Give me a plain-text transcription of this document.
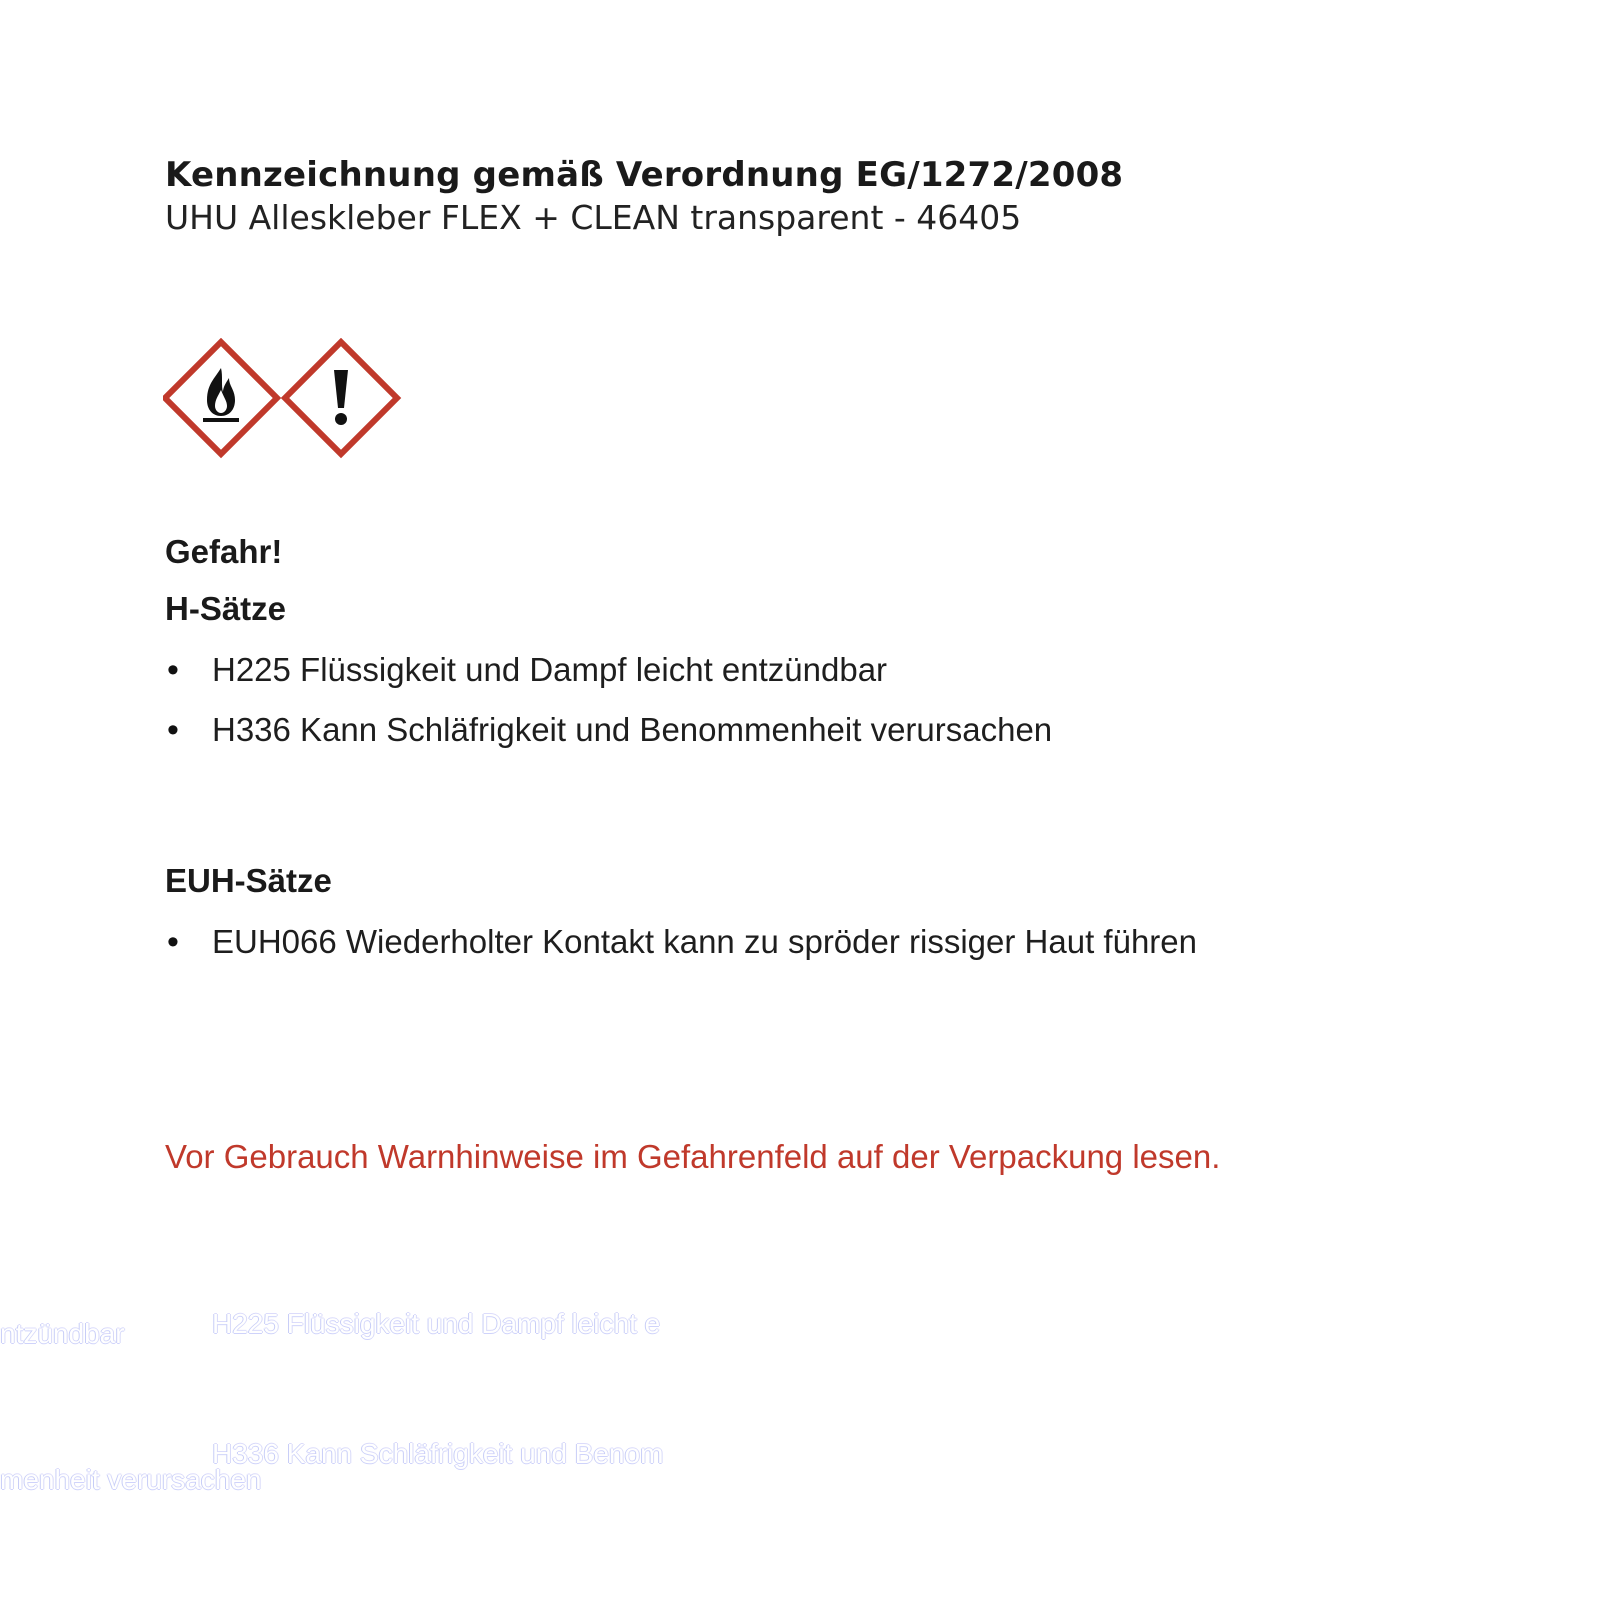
Kennzeichnung gemäß Verordnung EG/1272/2008
UHU Alleskleber FLEX + CLEAN transparent - 46405
Gefahr!
H-Sätze
• H225 Flüssigkeit und Dampf leicht entzündbar
• H336 Kann Schläfrigkeit und Benommenheit verursachen
EUH-Sätze
• EUH066 Wiederholter Kontakt kann zu spröder rissiger Haut führen
Vor Gebrauch Warnhinweise im Gefahrenfeld auf der Verpackung lesen.
H225 Flüssigkeit und Dampf leicht e
ntzündbar
H336 Kann Schläfrigkeit und Benom
menheit verursachen
